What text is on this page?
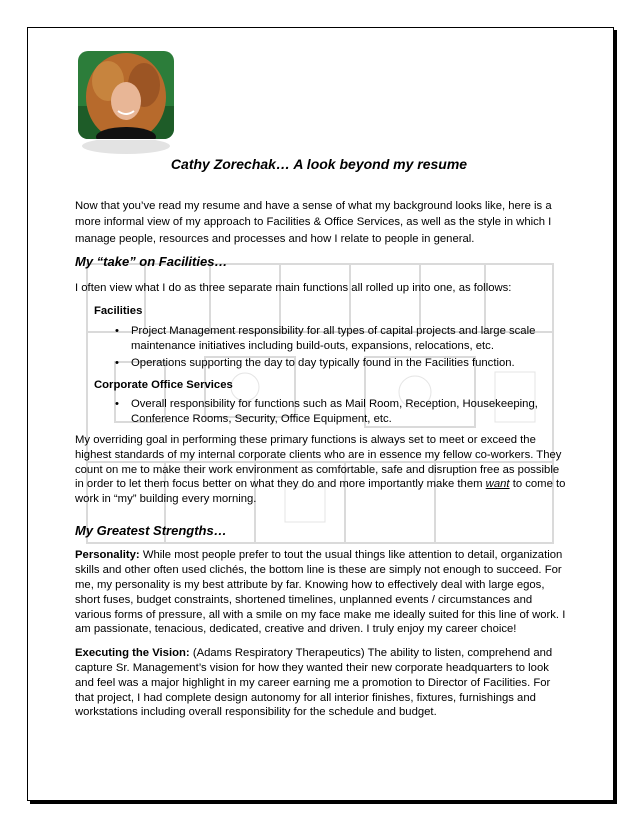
Cathy Zorechak… A look beyond my resume

Now that you’ve read my resume and have a sense of what my background looks like, here is a more informal view of my approach to Facilities & Office Services, as well as the style in which I manage people, resources and processes and how I relate to people in general.

My “take” on Facilities…

I often view what I do as three separate main functions all rolled up into one, as follows:

Facilities

• Project Management responsibility for all types of capital projects and large scale maintenance initiatives including build-outs, expansions, relocations, etc.
• Operations supporting the day to day typically found in the Facilities function.

Corporate Office Services

• Overall responsibility for functions such as Mail Room, Reception, Housekeeping, Conference Rooms, Security, Office Equipment, etc.

My overriding goal in performing these primary functions is always set to meet or exceed the highest standards of my internal corporate clients who are in essence my fellow co-workers. They count on me to make their work environment as comfortable, safe and disruption free as possible in order to let them focus better on what they do and more importantly make them want to come to work in “my” building every morning.

My Greatest Strengths…

Personality: While most people prefer to tout the usual things like attention to detail, organization skills and other often used clichés, the bottom line is these are simply not enough to succeed. For me, my personality is my best attribute by far. Knowing how to effectively deal with large egos, short fuses, budget constraints, shortened timelines, unplanned events / circumstances and various forms of pressure, all with a smile on my face make me ideally suited for this line of work. I am passionate, tenacious, dedicated, creative and driven. I truly enjoy my career choice!

Executing the Vision: (Adams Respiratory Therapeutics) The ability to listen, comprehend and capture Sr. Management’s vision for how they wanted their new corporate headquarters to look and feel was a major highlight in my career earning me a promotion to Director of Facilities. For that project, I had complete design autonomy for all interior finishes, fixtures, furnishings and workstations including overall responsibility for the schedule and budget.
